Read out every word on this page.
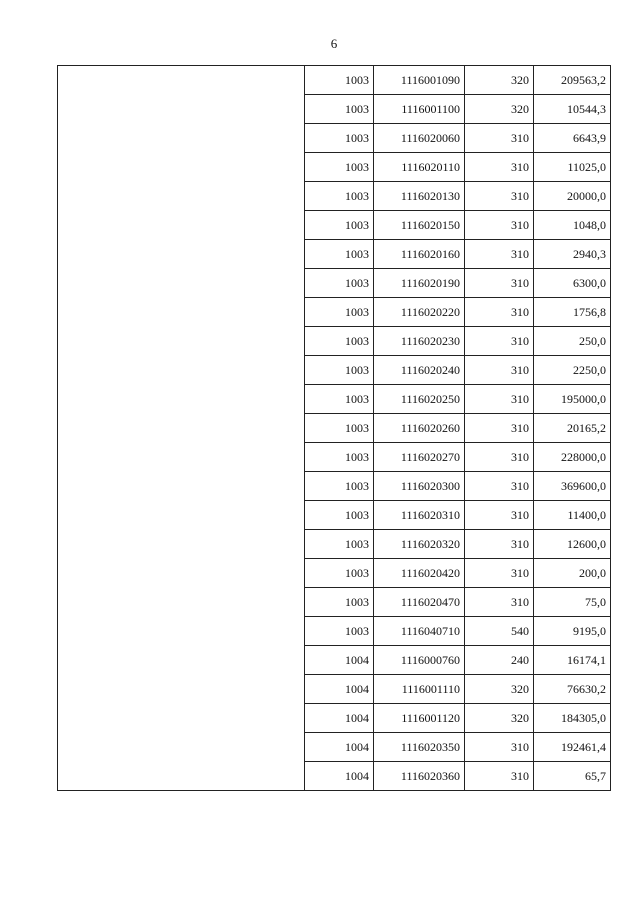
6
	1003	1116001090	320	209563,2
	1003	1116001100	320	10544,3
	1003	1116020060	310	6643,9
	1003	1116020110	310	11025,0
	1003	1116020130	310	20000,0
	1003	1116020150	310	1048,0
	1003	1116020160	310	2940,3
	1003	1116020190	310	6300,0
	1003	1116020220	310	1756,8
	1003	1116020230	310	250,0
	1003	1116020240	310	2250,0
	1003	1116020250	310	195000,0
	1003	1116020260	310	20165,2
	1003	1116020270	310	228000,0
	1003	1116020300	310	369600,0
	1003	1116020310	310	11400,0
	1003	1116020320	310	12600,0
	1003	1116020420	310	200,0
	1003	1116020470	310	75,0
	1003	1116040710	540	9195,0
	1004	1116000760	240	16174,1
	1004	1116001110	320	76630,2
	1004	1116001120	320	184305,0
	1004	1116020350	310	192461,4
	1004	1116020360	310	65,7
